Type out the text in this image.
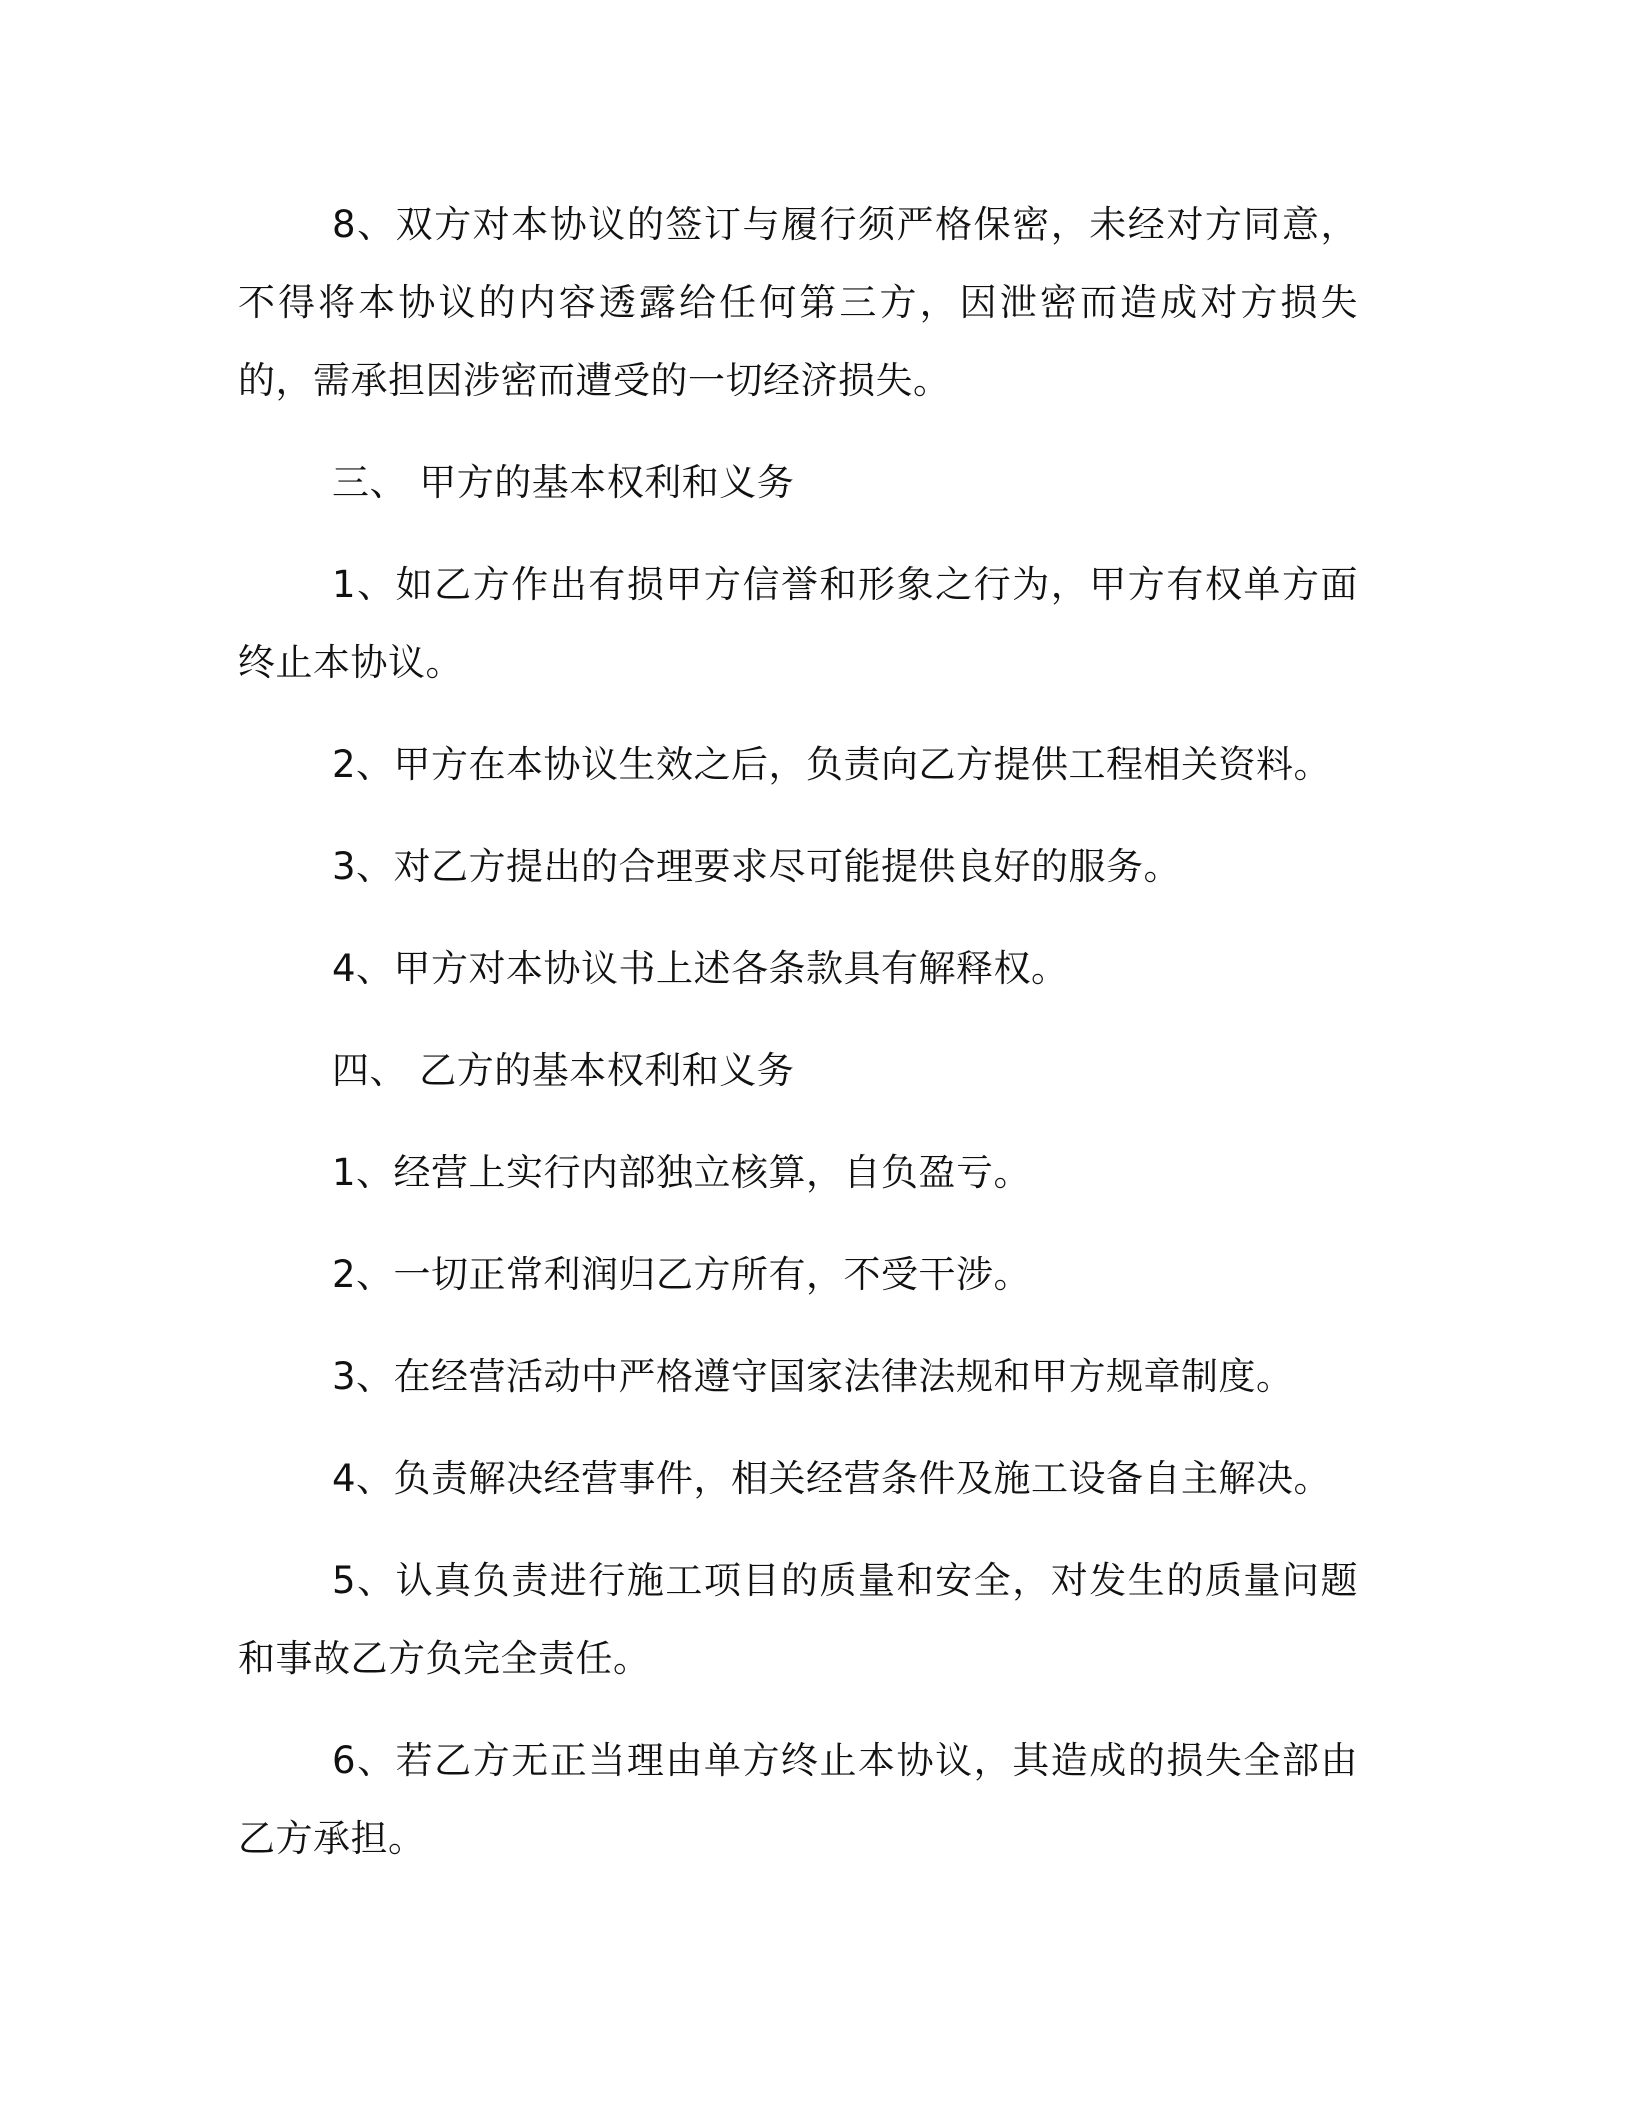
8、双方对本协议的签订与履行须严格保密，未经对方同意，不得将本协议的内容透露给任何第三方，因泄密而造成对方损失的，需承担因涉密而遭受的一切经济损失。

三、 甲方的基本权利和义务

1、如乙方作出有损甲方信誉和形象之行为，甲方有权单方面终止本协议。

2、甲方在本协议生效之后，负责向乙方提供工程相关资料。

3、对乙方提出的合理要求尽可能提供良好的服务。

4、甲方对本协议书上述各条款具有解释权。

四、 乙方的基本权利和义务

1、经营上实行内部独立核算，自负盈亏。

2、一切正常利润归乙方所有，不受干涉。

3、在经营活动中严格遵守国家法律法规和甲方规章制度。

4、负责解决经营事件，相关经营条件及施工设备自主解决。

5、认真负责进行施工项目的质量和安全，对发生的质量问题和事故乙方负完全责任。

6、若乙方无正当理由单方终止本协议，其造成的损失全部由乙方承担。
